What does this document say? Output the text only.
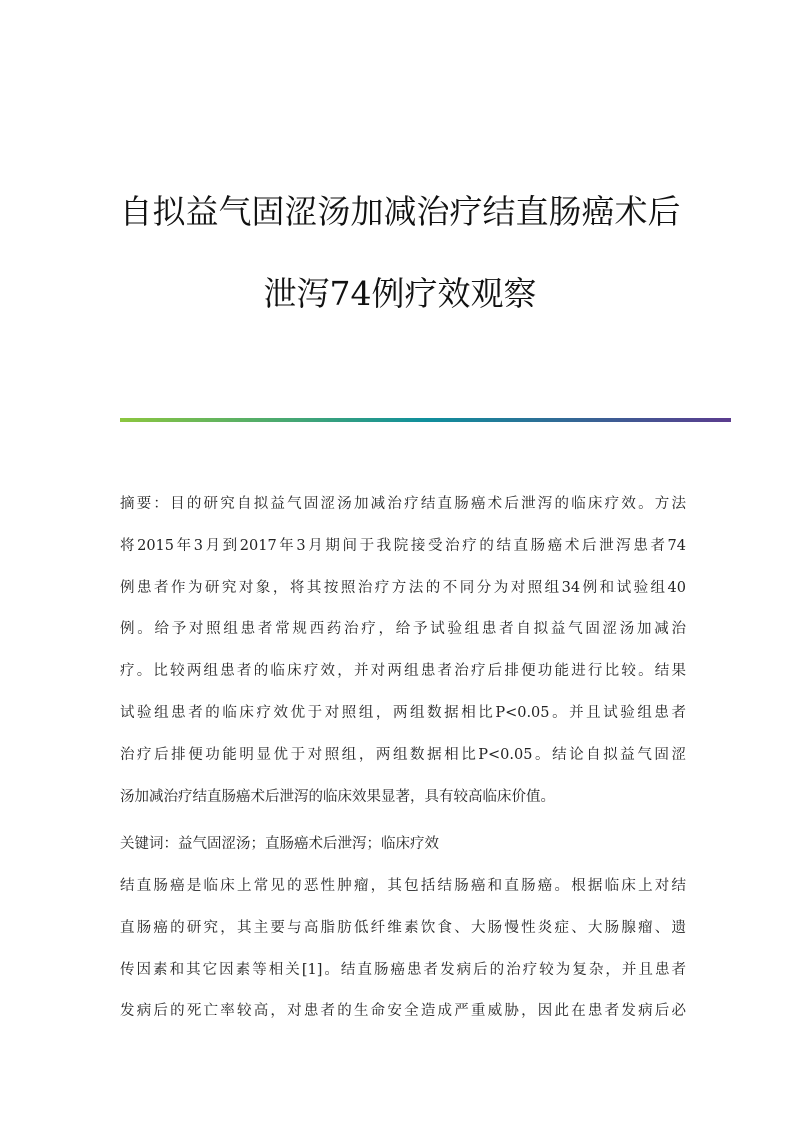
自拟益气固涩汤加减治疗结直肠癌术后
泄泻74例疗效观察
摘要：目的研究自拟益气固涩汤加减治疗结直肠癌术后泄泻的临床疗效。方法
将2015年3月到2017年3月期间于我院接受治疗的结直肠癌术后泄泻患者74
例患者作为研究对象，将其按照治疗方法的不同分为对照组34例和试验组40
例。给予对照组患者常规西药治疗，给予试验组患者自拟益气固涩汤加减治
疗。比较两组患者的临床疗效，并对两组患者治疗后排便功能进行比较。结果
试验组患者的临床疗效优于对照组，两组数据相比P<0.05。并且试验组患者
治疗后排便功能明显优于对照组，两组数据相比P<0.05。结论自拟益气固涩
汤加减治疗结直肠癌术后泄泻的临床效果显著，具有较高临床价值。
关键词：益气固涩汤；直肠癌术后泄泻；临床疗效
结直肠癌是临床上常见的恶性肿瘤，其包括结肠癌和直肠癌。根据临床上对结
直肠癌的研究，其主要与高脂肪低纤维素饮食、大肠慢性炎症、大肠腺瘤、遗
传因素和其它因素等相关[1]。结直肠癌患者发病后的治疗较为复杂，并且患者
发病后的死亡率较高，对患者的生命安全造成严重威胁，因此在患者发病后必
